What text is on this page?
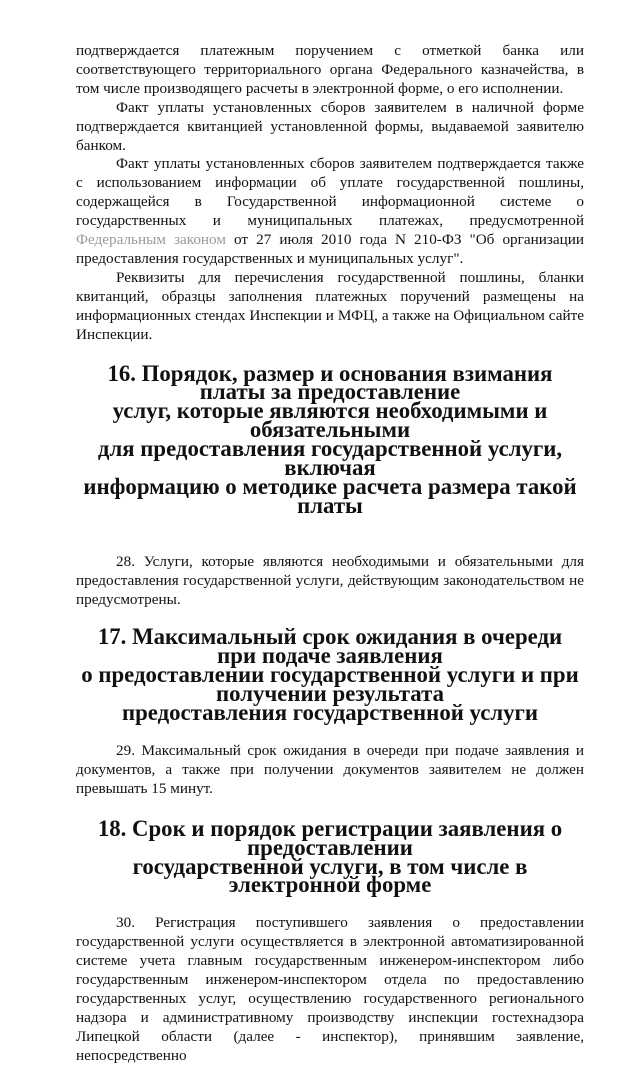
подтверждается платежным поручением с отметкой банка или соответствующего территориального органа Федерального казначейства, в том числе производящего расчеты в электронной форме, о его исполнении.

Факт уплаты установленных сборов заявителем в наличной форме подтверждается квитанцией установленной формы, выдаваемой заявителю банком.

Факт уплаты установленных сборов заявителем подтверждается также с использованием информации об уплате государственной пошлины, содержащейся в Государственной информационной системе о государственных и муниципальных платежах, предусмотренной Федеральным законом от 27 июля 2010 года N 210-ФЗ "Об организации предоставления государственных и муниципальных услуг".

Реквизиты для перечисления государственной пошлины, бланки квитанций, образцы заполнения платежных поручений размещены на информационных стендах Инспекции и МФЦ, а также на Официальном сайте Инспекции.

16. Порядок, размер и основания взимания платы за предоставление
услуг, которые являются необходимыми и обязательными
для предоставления государственной услуги, включая
информацию о методике расчета размера такой платы

28. Услуги, которые являются необходимыми и обязательными для предоставления государственной услуги, действующим законодательством не предусмотрены.

17. Максимальный срок ожидания в очереди при подаче заявления
о предоставлении государственной услуги и при получении результата
предоставления государственной услуги

29. Максимальный срок ожидания в очереди при подаче заявления и документов, а также при получении документов заявителем не должен превышать 15 минут.

18. Срок и порядок регистрации заявления о предоставлении
государственной услуги, в том числе в электронной форме

30. Регистрация поступившего заявления о предоставлении государственной услуги осуществляется в электронной автоматизированной системе учета главным государственным инженером-инспектором либо государственным инженером-инспектором отдела по предоставлению государственных услуг, осуществлению государственного регионального надзора и административному производству инспекции гостехнадзора Липецкой области (далее - инспектор), принявшим заявление, непосредственно
